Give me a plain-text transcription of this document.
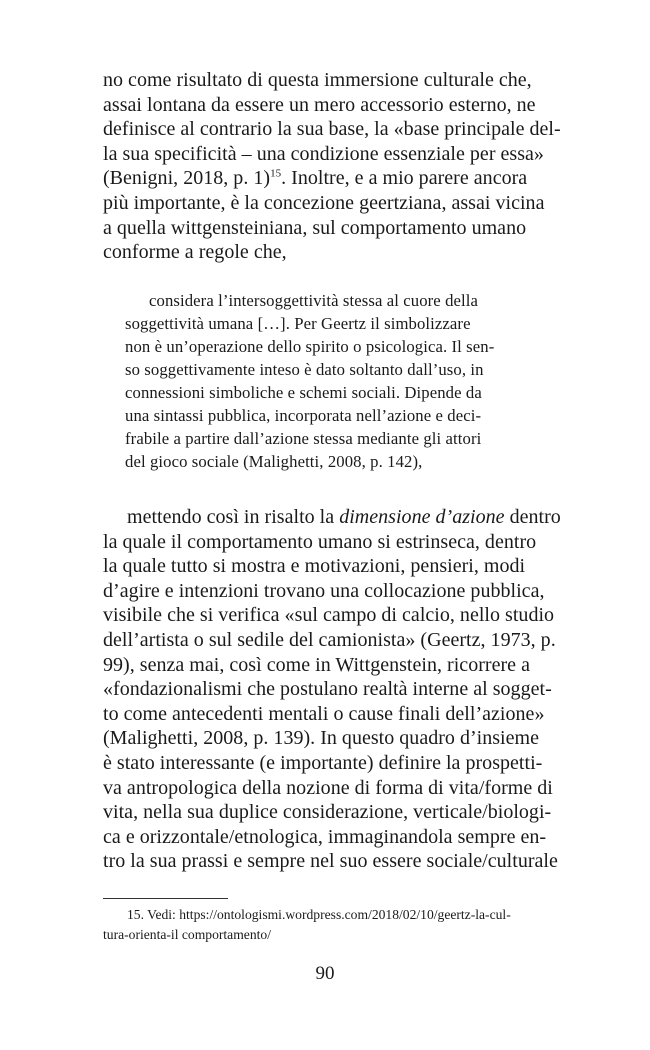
no come risultato di questa immersione culturale che,
assai lontana da essere un mero accessorio esterno, ne
definisce al contrario la sua base, la «base principale del-
la sua specificità – una condizione essenziale per essa»
(Benigni, 2018, p. 1)$^{15}$. Inoltre, e a mio parere ancora
più importante, è la concezione geertziana, assai vicina
a quella wittgensteiniana, sul comportamento umano
conforme a regole che,

considera l’intersoggettività stessa al cuore della
soggettività umana […]. Per Geertz il simbolizzare
non è un’operazione dello spirito o psicologica. Il sen-
so soggettivamente inteso è dato soltanto dall’uso, in
connessioni simboliche e schemi sociali. Dipende da
una sintassi pubblica, incorporata nell’azione e deci-
frabile a partire dall’azione stessa mediante gli attori
del gioco sociale (Malighetti, 2008, p. 142),

mettendo così in risalto la dimensione d’azione dentro
la quale il comportamento umano si estrinseca, dentro
la quale tutto si mostra e motivazioni, pensieri, modi
d’agire e intenzioni trovano una collocazione pubblica,
visibile che si verifica «sul campo di calcio, nello studio
dell’artista o sul sedile del camionista» (Geertz, 1973, p.
99), senza mai, così come in Wittgenstein, ricorrere a
«fondazionalismi che postulano realtà interne al sogget-
to come antecedenti mentali o cause finali dell’azione»
(Malighetti, 2008, p. 139). In questo quadro d’insieme
è stato interessante (e importante) definire la prospetti-
va antropologica della nozione di forma di vita/forme di
vita, nella sua duplice considerazione, verticale/biologi-
ca e orizzontale/etnologica, immaginandola sempre en-
tro la sua prassi e sempre nel suo essere sociale/culturale

15. Vedi: https://ontologismi.wordpress.com/2018/02/10/geertz-la-cul-
tura-orienta-il comportamento/

90
